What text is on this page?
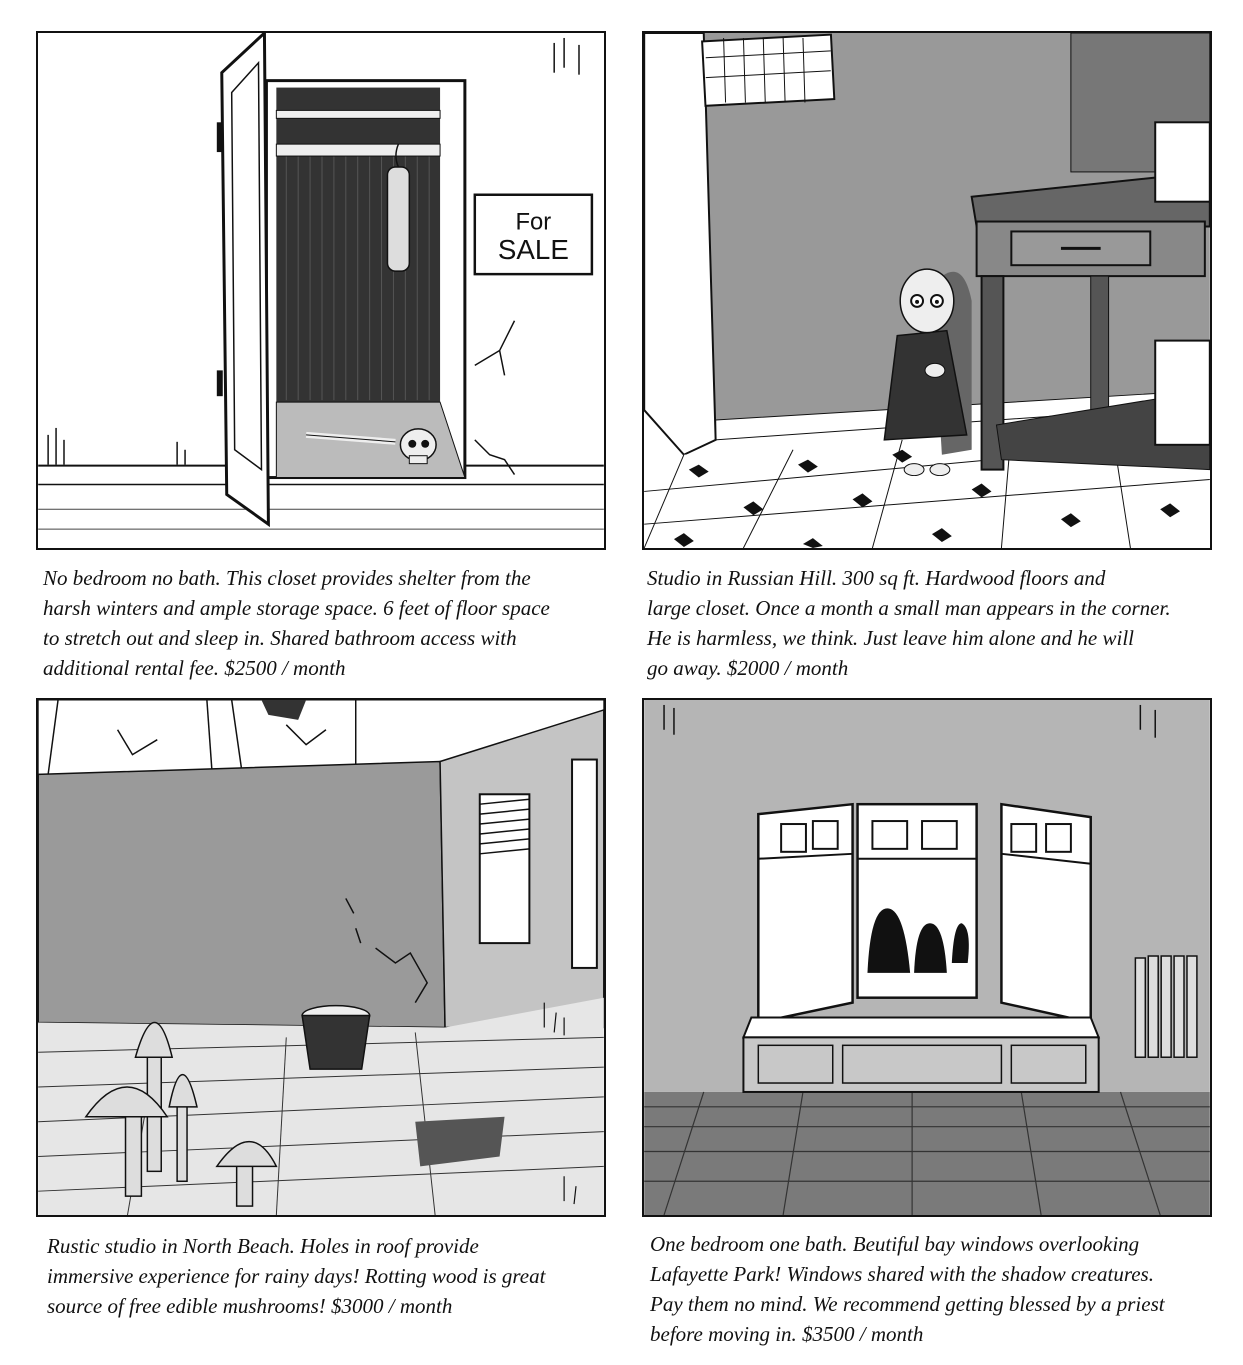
For
SALE
No bedroom no bath. This closet provides shelter from the
harsh winters and ample storage space. 6 feet of floor space
to stretch out and sleep in. Shared bathroom access with
additional rental fee. $2500 / month
Studio in Russian Hill. 300 sq ft. Hardwood floors and
large closet. Once a month a small man appears in the corner.
He is harmless, we think. Just leave him alone and he will
go away. $2000 / month
Rustic studio in North Beach. Holes in roof provide
immersive experience for rainy days! Rotting wood is great
source of free edible mushrooms! $3000 / month
One bedroom one bath. Beutiful bay windows overlooking
Lafayette Park! Windows shared with the shadow creatures.
Pay them no mind. We recommend getting blessed by a priest
before moving in. $3500 / month
